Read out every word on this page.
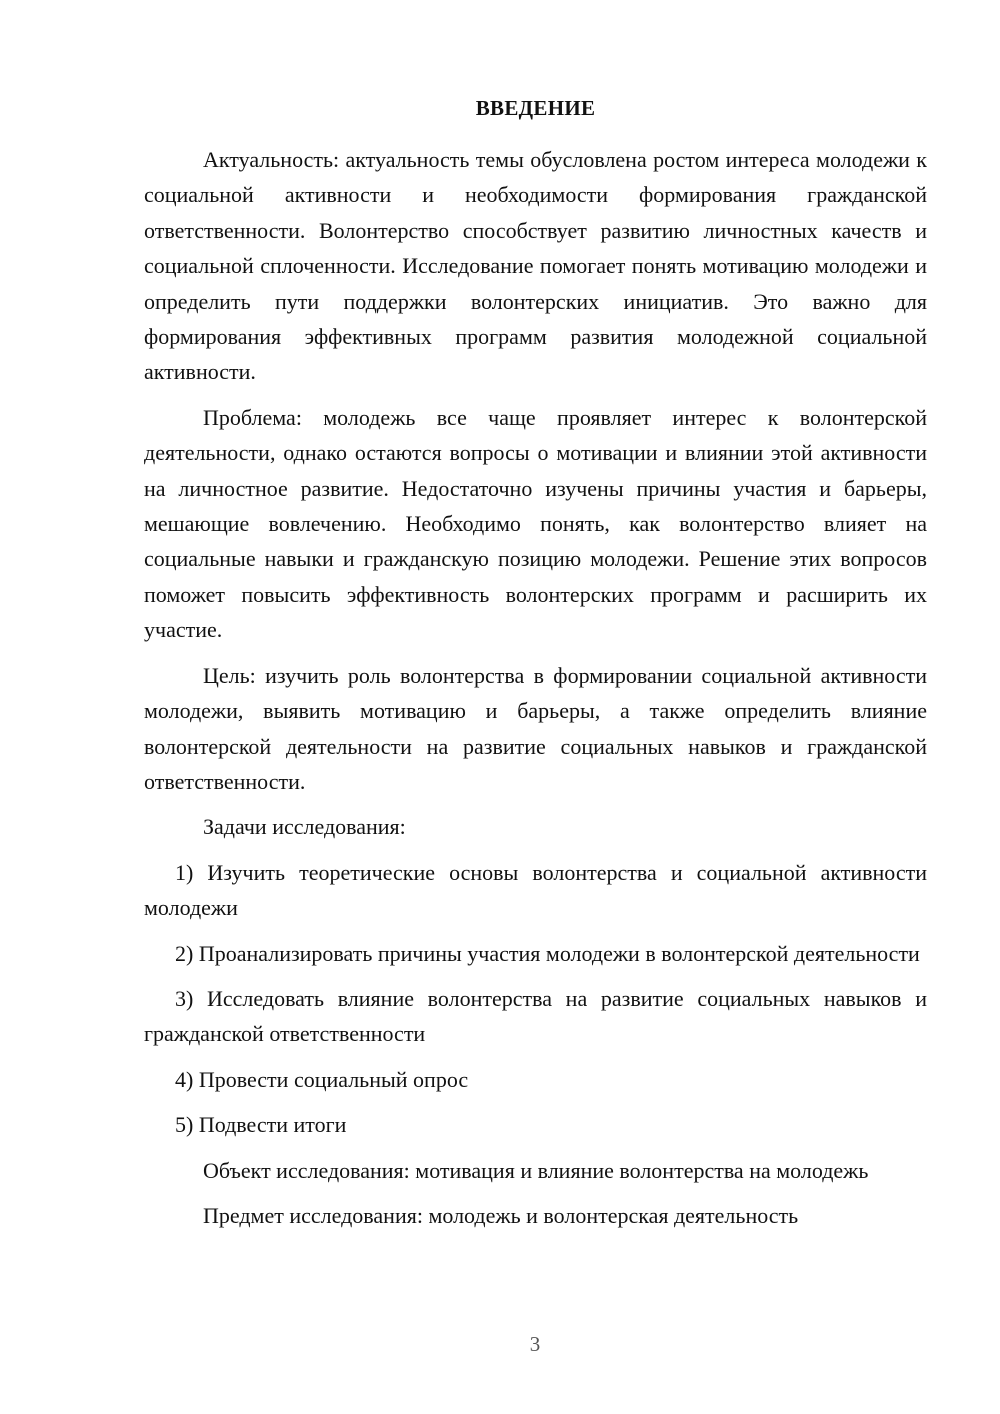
ВВЕДЕНИЕ

Актуальность: актуальность темы обусловлена ростом интереса молодежи к социальной активности и необходимости формирования гражданской ответственности. Волонтерство способствует развитию личностных качеств и социальной сплоченности. Исследование помогает понять мотивацию молодежи и определить пути поддержки волонтерских инициатив. Это важно для формирования эффективных программ развития молодежной социальной активности.

Проблема: молодежь все чаще проявляет интерес к волонтерской деятельности, однако остаются вопросы о мотивации и влиянии этой активности на личностное развитие. Недостаточно изучены причины участия и барьеры, мешающие вовлечению. Необходимо понять, как волонтерство влияет на социальные навыки и гражданскую позицию молодежи. Решение этих вопросов поможет повысить эффективность волонтерских программ и расширить их участие.

Цель: изучить роль волонтерства в формировании социальной активности молодежи, выявить мотивацию и барьеры, а также определить влияние волонтерской деятельности на развитие социальных навыков и гражданской ответственности.

Задачи исследования:

1) Изучить теоретические основы волонтерства и социальной активности молодежи

2) Проанализировать причины участия молодежи в волонтерской деятельности

3) Исследовать влияние волонтерства на развитие социальных навыков и гражданской ответственности

4) Провести социальный опрос

5) Подвести итоги

Объект исследования: мотивация и влияние волонтерства на молодежь

Предмет исследования: молодежь и волонтерская деятельность

3
